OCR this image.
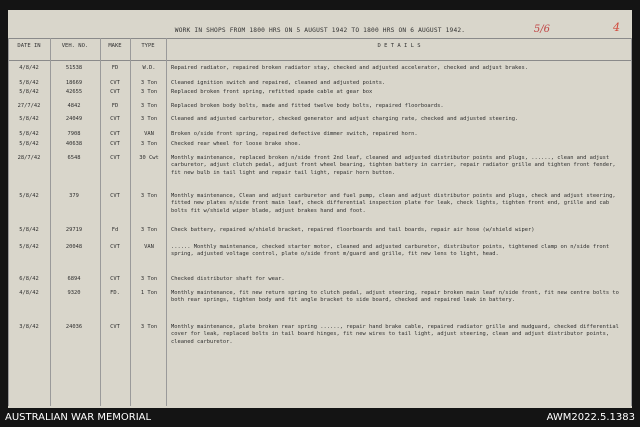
WORK IN SHOPS FROM 1800 HRS ON 5 AUGUST 1942 TO 1800 HRS ON 6 AUGUST 1942.	5/6	4
DATE IN	VEH. NO.	MAKE	TYPE	D E T A I L S
4/8/42	51538	FD	W.D.	Repaired radiator, repaired broken radiator stay, checked and adjusted accelerator, checked and adjust brakes.
5/8/42	18669	CVT	3 Ton	Cleaned ignition switch and repaired, cleaned and adjusted points.
5/8/42	42655	CVT	3 Ton	Replaced broken front spring, refitted spade cable at gear box
27/7/42	4842	FD	3 Ton	Replaced broken body bolts, made and fitted twelve body bolts, repaired floorboards.
5/8/42	24049	CVT	3 Ton	Cleaned and adjusted carburetor, checked generator and adjust charging rate, checked and adjusted steering.
5/8/42	7908	CVT	VAN	Broken o/side front spring, repaired defective dimmer switch, repaired horn.
5/8/42	40638	CVT	3 Ton	Checked rear wheel for loose brake shoe.
28/7/42	6548	CVT	30 Cwt	Monthly maintenance, replaced broken n/side front 2nd leaf, cleaned and adjusted distributor points and plugs, ......, clean and adjust carburetor, adjust clutch pedal, adjust front wheel bearing, tighten battery in carrier, repair radiator grille and tighten front fender, fit new bulb in tail light and repair tail light, repair horn button.
5/8/42	379	CVT	3 Ton	Monthly maintenance, Clean and adjust carburetor and fuel pump, clean and adjust distributor points and plugs, check and adjust steering, fitted new plates n/side front main leaf, check differential inspection plate for leak, check lights, tighten front end, grille and cab bolts fit w/shield wiper blade, adjust brakes hand and foot.
5/8/42	29719	Fd	3 Ton	Check battery, repaired w/shield bracket, repaired floorboards and tail boards, repair air hose (w/shield wiper)
5/8/42	20048	CVT	VAN	...... Monthly maintenance, checked starter motor, cleaned and adjusted carburetor, distributor points, tightened clamp on n/side front spring, adjusted voltage control, plate o/side front m/guard and grille, fit new lens to light, head.
6/8/42	6894	CVT	3 Ton	Checked distributor shaft for wear.
4/8/42	9320	FD.	1 Ton	Monthly maintenance, fit new return spring to clutch pedal, adjust steering, repair broken main leaf n/side front, fit new centre bolts to both rear springs, tighten body and fit angle bracket to side board, checked and repaired leak in battery.
3/8/42	24036	CVT	3 Ton	Monthly maintenance, plate broken rear spring ......, repair hand brake cable, repaired radiator grille and mudguard, checked differential cover for leak, replaced bolts in tail board hinges, fit new wires to tail light, adjust steering, clean and adjust distributor points, cleaned carburetor.
AUSTRALIAN WAR MEMORIAL	AWM2022.5.1383
